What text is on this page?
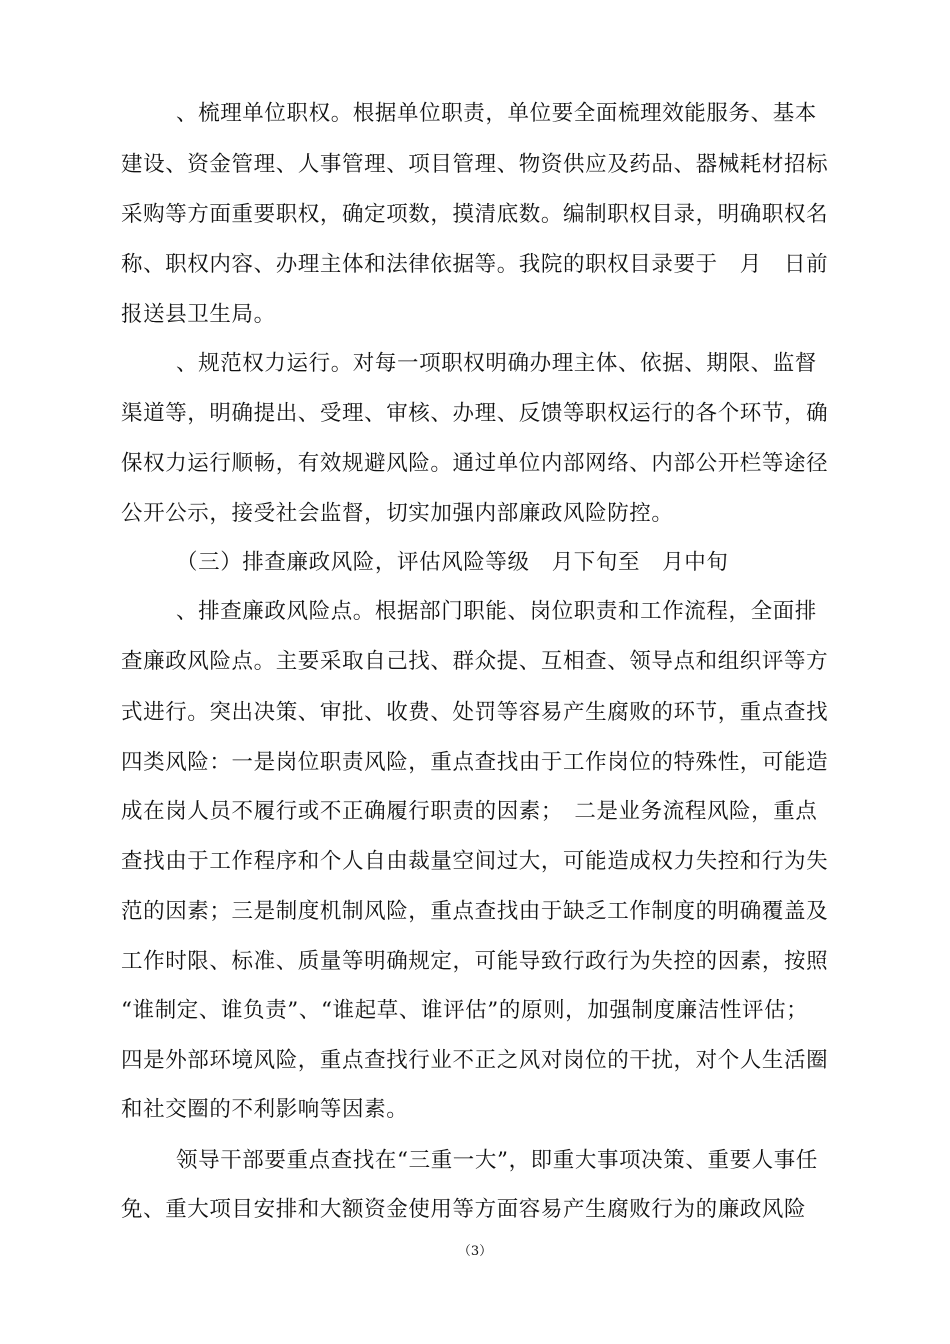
、梳理单位职权。根据单位职责，单位要全面梳理效能服务、基本
建设、资金管理、人事管理、项目管理、物资供应及药品、器械耗材招标
采购等方面重要职权，确定项数，摸清底数。编制职权目录，明确职权名
称、职权内容、办理主体和法律依据等。我院的职权目录要于　月　日前
报送县卫生局。
、规范权力运行。对每一项职权明确办理主体、依据、期限、监督
渠道等，明确提出、受理、审核、办理、反馈等职权运行的各个环节，确
保权力运行顺畅，有效规避风险。通过单位内部网络、内部公开栏等途径
公开公示，接受社会监督，切实加强内部廉政风险防控。
（三）排查廉政风险，评估风险等级　月下旬至　月中旬
、排查廉政风险点。根据部门职能、岗位职责和工作流程，全面排
查廉政风险点。主要采取自己找、群众提、互相查、领导点和组织评等方
式进行。突出决策、审批、收费、处罚等容易产生腐败的环节，重点查找
四类风险：一是岗位职责风险，重点查找由于工作岗位的特殊性，可能造
成在岗人员不履行或不正确履行职责的因素；　二是业务流程风险，重点
查找由于工作程序和个人自由裁量空间过大，可能造成权力失控和行为失
范的因素；三是制度机制风险，重点查找由于缺乏工作制度的明确覆盖及
工作时限、标准、质量等明确规定，可能导致行政行为失控的因素，按照
“谁制定、谁负责”、“谁起草、谁评估”的原则，加强制度廉洁性评估；
四是外部环境风险，重点查找行业不正之风对岗位的干扰，对个人生活圈
和社交圈的不利影响等因素。
领导干部要重点查找在“三重一大”，即重大事项决策、重要人事任
免、重大项目安排和大额资金使用等方面容易产生腐败行为的廉政风险
（3）
